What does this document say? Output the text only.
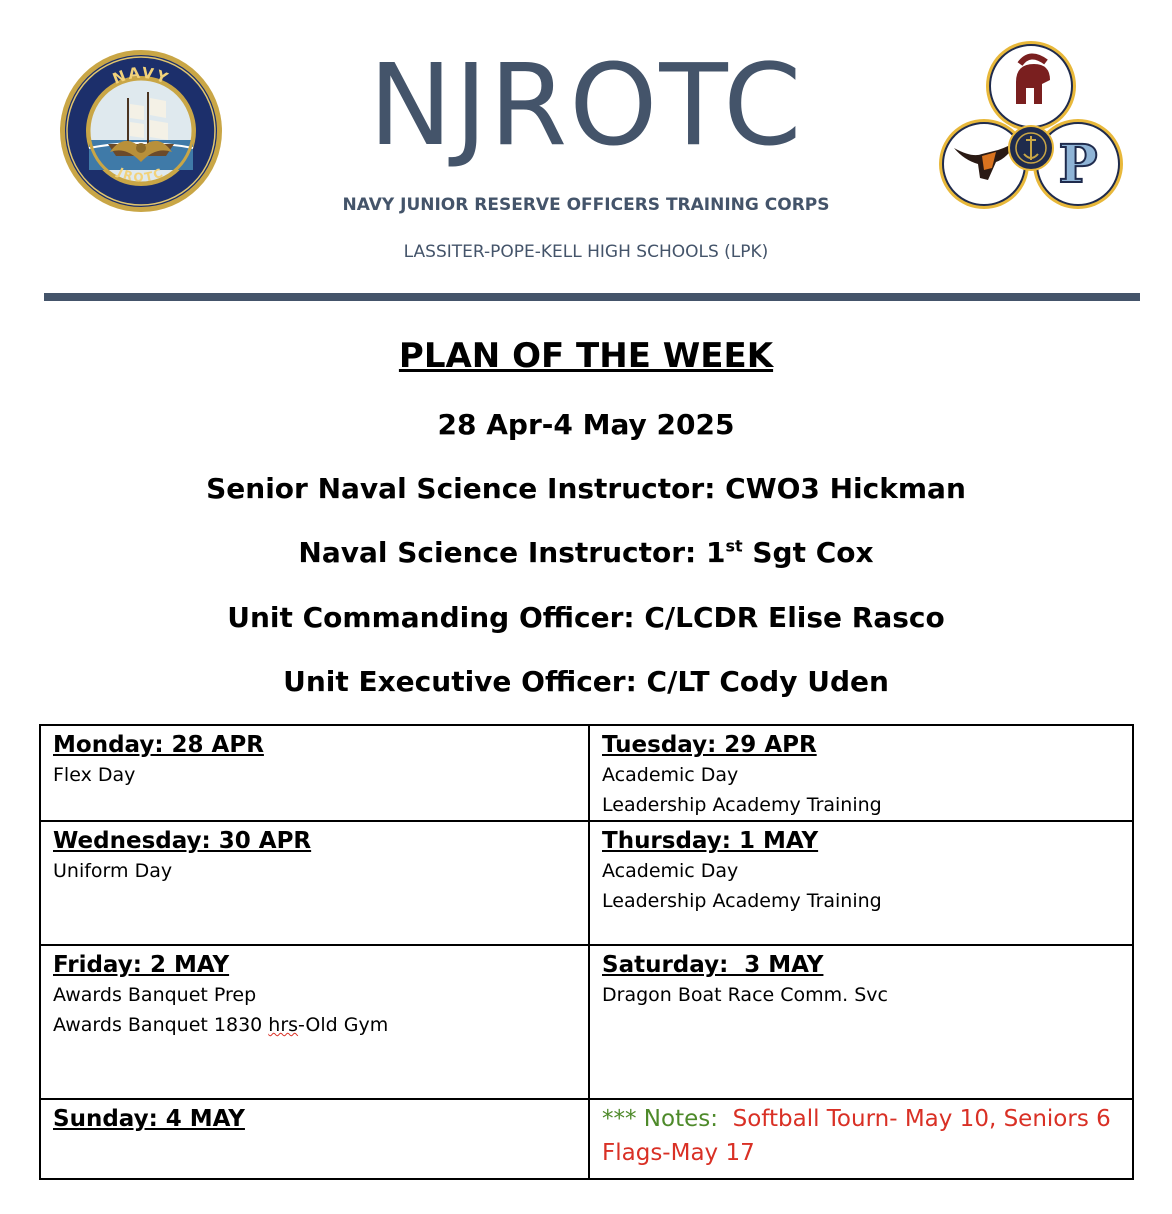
NAVY
JROTC
NJROTC
NAVY JUNIOR RESERVE OFFICERS TRAINING CORPS
LASSITER-POPE-KELL HIGH SCHOOLS (LPK)
P
PLAN OF THE WEEK
28 Apr-4 May 2025
Senior Naval Science Instructor: CWO3 Hickman
Naval Science Instructor: 1st Sgt Cox
Unit Commanding Officer: C/LCDR Elise Rasco
Unit Executive Officer: C/LT Cody Uden
Monday: 28 APR
Flex Day
Tuesday: 29 APR
Academic Day
Leadership Academy Training
Wednesday: 30 APR
Uniform Day
Thursday: 1 MAY
Academic Day
Leadership Academy Training
Friday: 2 MAY
Awards Banquet Prep
Awards Banquet 1830 hrs-Old Gym
Saturday:  3 MAY
Dragon Boat Race Comm. Svc
Sunday: 4 MAY	*** Notes:  Softball Tourn- May 10, Seniors 6 Flags-May 17
